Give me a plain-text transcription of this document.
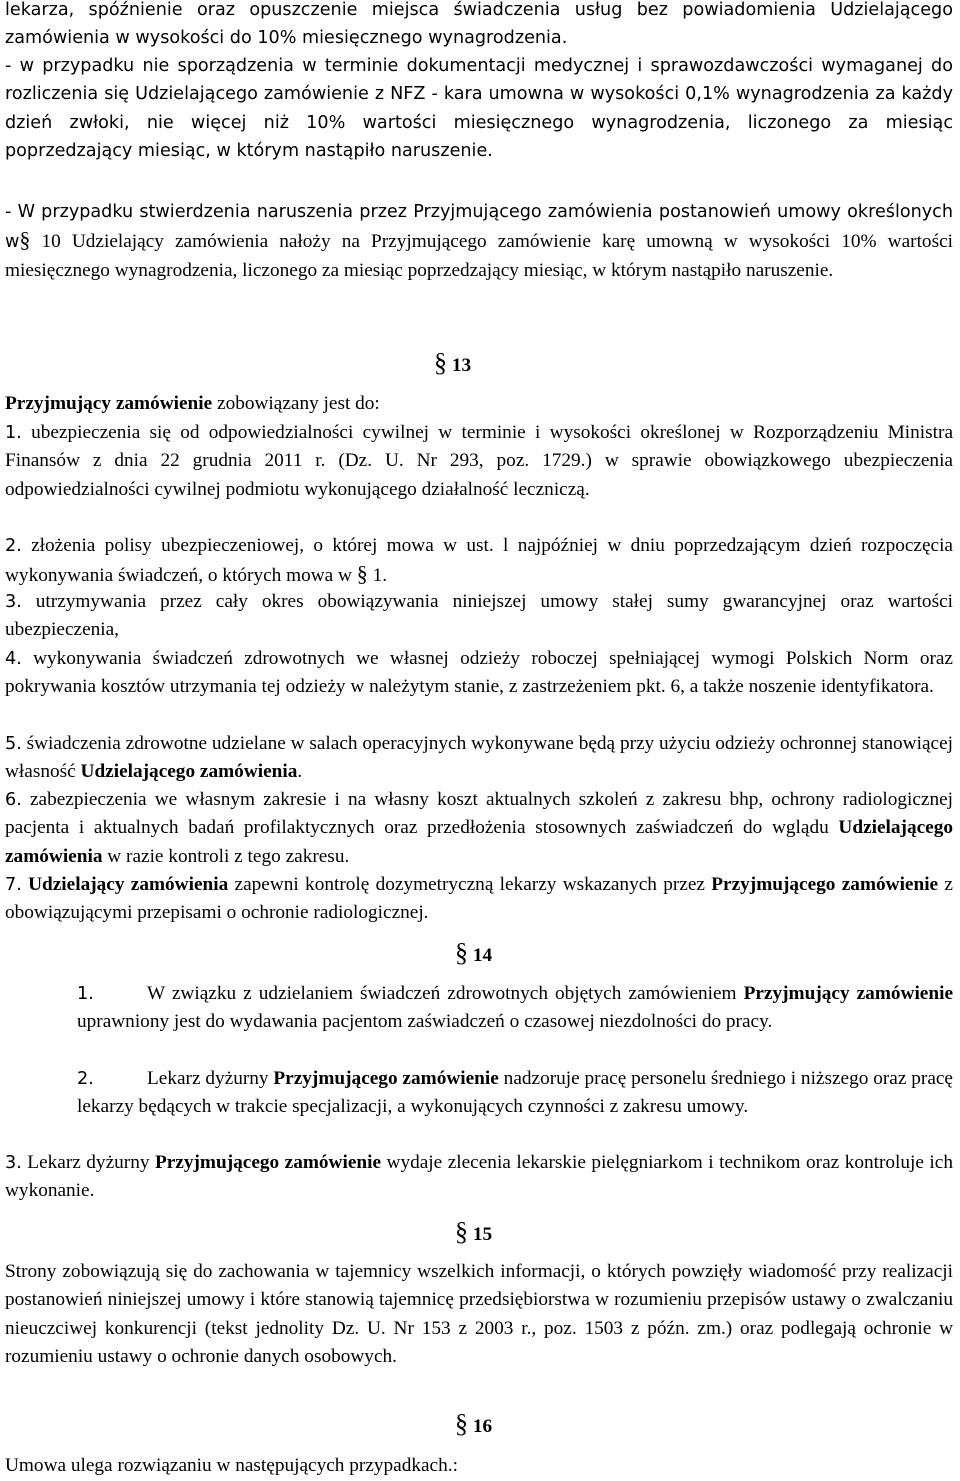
lekarza, spóźnienie oraz opuszczenie miejsca świadczenia usług bez powiadomienia Udzielającego zamówienia w wysokości do 10% miesięcznego wynagrodzenia.

- w przypadku nie sporządzenia w terminie dokumentacji medycznej i sprawozdawczości wymaganej do rozliczenia się Udzielającego zamówienie z NFZ - kara umowna w wysokości 0,1% wynagrodzenia za każdy dzień zwłoki, nie więcej niż 10% wartości miesięcznego wynagrodzenia, liczonego za miesiąc poprzedzający miesiąc, w którym nastąpiło naruszenie.

- W przypadku stwierdzenia naruszenia przez Przyjmującego zamówienia postanowień umowy określonych w § 10 Udzielający zamówienia nałoży na Przyjmującego zamówienie karę umowną w wysokości 10% wartości miesięcznego wynagrodzenia, liczonego za miesiąc poprzedzający miesiąc, w którym nastąpiło naruszenie.

§ 13

Przyjmujący zamówienie zobowiązany jest do:

1. ubezpieczenia się od odpowiedzialności cywilnej w terminie i wysokości określonej w Rozporządzeniu Ministra Finansów z dnia 22 grudnia 2011 r. (Dz. U. Nr 293, poz. 1729.) w sprawie obowiązkowego ubezpieczenia odpowiedzialności cywilnej podmiotu wykonującego działalność leczniczą.

2. złożenia polisy ubezpieczeniowej, o której mowa w ust. l najpóźniej w dniu poprzedzającym dzień rozpoczęcia wykonywania świadczeń, o których mowa w § 1.

3. utrzymywania przez cały okres obowiązywania niniejszej umowy stałej sumy gwarancyjnej oraz wartości ubezpieczenia,

4. wykonywania świadczeń zdrowotnych we własnej odzieży roboczej spełniającej wymogi Polskich Norm oraz pokrywania kosztów utrzymania tej odzieży w należytym stanie, z zastrzeżeniem pkt. 6, a także noszenie identyfikatora.

5. świadczenia zdrowotne udzielane w salach operacyjnych wykonywane będą przy użyciu odzieży ochronnej stanowiącej własność Udzielającego zamówienia.

6. zabezpieczenia we własnym zakresie i na własny koszt aktualnych szkoleń z zakresu bhp, ochrony radiologicznej pacjenta i aktualnych badań profilaktycznych oraz przedłożenia stosownych zaświadczeń do wglądu Udzielającego zamówienia w razie kontroli z tego zakresu.

7. Udzielający zamówienia zapewni kontrolę dozymetryczną lekarzy wskazanych przez Przyjmującego zamówienie z obowiązującymi przepisami o ochronie radiologicznej.

§ 14

1.	W związku z udzielaniem świadczeń zdrowotnych objętych zamówieniem Przyjmujący zamówienie uprawniony jest do wydawania pacjentom zaświadczeń o czasowej niezdolności do pracy.

2.	Lekarz dyżurny Przyjmującego zamówienie nadzoruje pracę personelu średniego i niższego oraz pracę lekarzy będących w trakcie specjalizacji, a wykonujących czynności z zakresu umowy.

3. Lekarz dyżurny Przyjmującego zamówienie wydaje zlecenia lekarskie pielęgniarkom i technikom oraz kontroluje ich wykonanie.

§ 15

Strony zobowiązują się do zachowania w tajemnicy wszelkich informacji, o których powzięły wiadomość przy realizacji postanowień niniejszej umowy i które stanowią tajemnicę przedsiębiorstwa w rozumieniu przepisów ustawy o zwalczaniu nieuczciwej konkurencji (tekst jednolity Dz. U. Nr 153 z 2003 r., poz. 1503 z późn. zm.) oraz podlegają ochronie w rozumieniu ustawy o ochronie danych osobowych.

§ 16

Umowa ulega rozwiązaniu w następujących przypadkach.:
